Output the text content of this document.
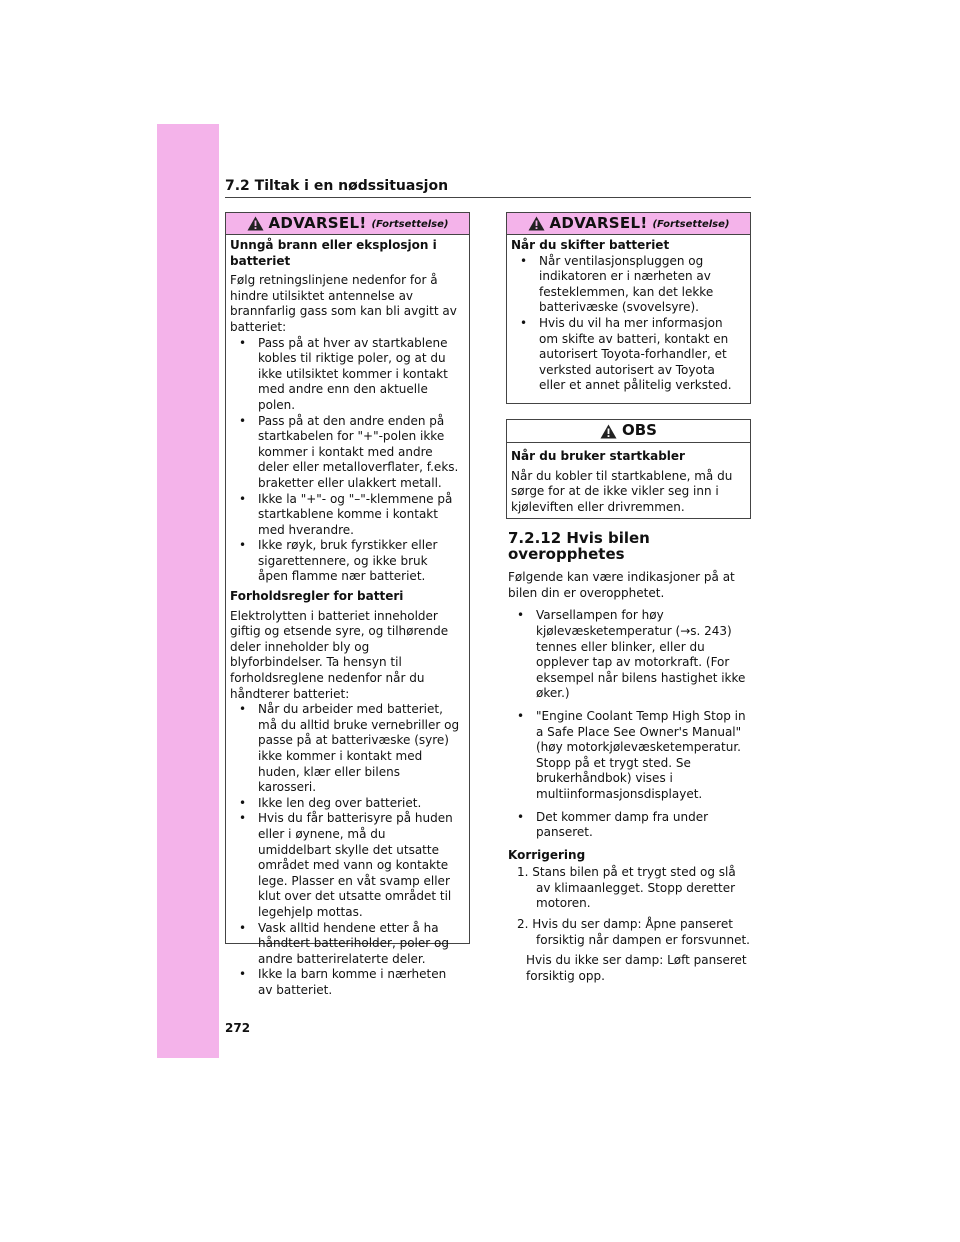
7.2 Tiltak i en nødssituasjon
ADVARSEL! (Fortsettelse)

Unngå brann eller eksplosjon i batteriet

Følg retningslinjene nedenfor for å hindre utilsiktet antennelse av brannfarlig gass som kan bli avgitt av batteriet:

• Pass på at hver av startkablene kobles til riktige poler, og at du ikke utilsiktet kommer i kontakt med andre enn den aktuelle polen.
• Pass på at den andre enden på startkabelen for "+"-polen ikke kommer i kontakt med andre deler eller metalloverflater, f.eks. braketter eller ulakkert metall.
• Ikke la "+"- og "–"-klemmene på startkablene komme i kontakt med hverandre.
• Ikke røyk, bruk fyrstikker eller sigarettennere, og ikke bruk åpen flamme nær batteriet.

Forholdsregler for batteri

Elektrolytten i batteriet inneholder giftig og etsende syre, og tilhørende deler inneholder bly og blyforbindelser. Ta hensyn til forholdsreglene nedenfor når du håndterer batteriet:

• Når du arbeider med batteriet, må du alltid bruke vernebriller og passe på at batterivæske (syre) ikke kommer i kontakt med huden, klær eller bilens karosseri.
• Ikke len deg over batteriet.
• Hvis du får batterisyre på huden eller i øynene, må du umiddelbart skylle det utsatte området med vann og kontakte lege. Plasser en våt svamp eller klut over det utsatte området til legehjelp mottas.
• Vask alltid hendene etter å ha håndtert batteriholder, poler og andre batterirelaterte deler.
• Ikke la barn komme i nærheten av batteriet.
ADVARSEL! (Fortsettelse)

Når du skifter batteriet

• Når ventilasjonspluggen og indikatoren er i nærheten av festeklemmen, kan det lekke batterivæske (svovelsyre).
• Hvis du vil ha mer informasjon om skifte av batteri, kontakt en autorisert Toyota-forhandler, et verksted autorisert av Toyota eller et annet pålitelig verksted.
OBS

Når du bruker startkabler

Når du kobler til startkablene, må du sørge for at de ikke vikler seg inn i kjøleviften eller drivremmen.

7.2.12 Hvis bilen overopphetes

Følgende kan være indikasjoner på at bilen din er overopphetet.

• Varsellampen for høy kjølevæsketemperatur (→s. 243) tennes eller blinker, eller du opplever tap av motorkraft. (For eksempel når bilens hastighet ikke øker.)
• "Engine Coolant Temp High Stop in a Safe Place See Owner's Manual" (høy motorkjølevæsketemperatur. Stopp på et trygt sted. Se brukerhåndbok) vises i multiinformasjonsdisplayet.
• Det kommer damp fra under panseret.

Korrigering

1. Stans bilen på et trygt sted og slå av klimaanlegget. Stopp deretter motoren.
2. Hvis du ser damp: Åpne panseret forsiktig når dampen er forsvunnet.

Hvis du ikke ser damp: Løft panseret forsiktig opp.

272
